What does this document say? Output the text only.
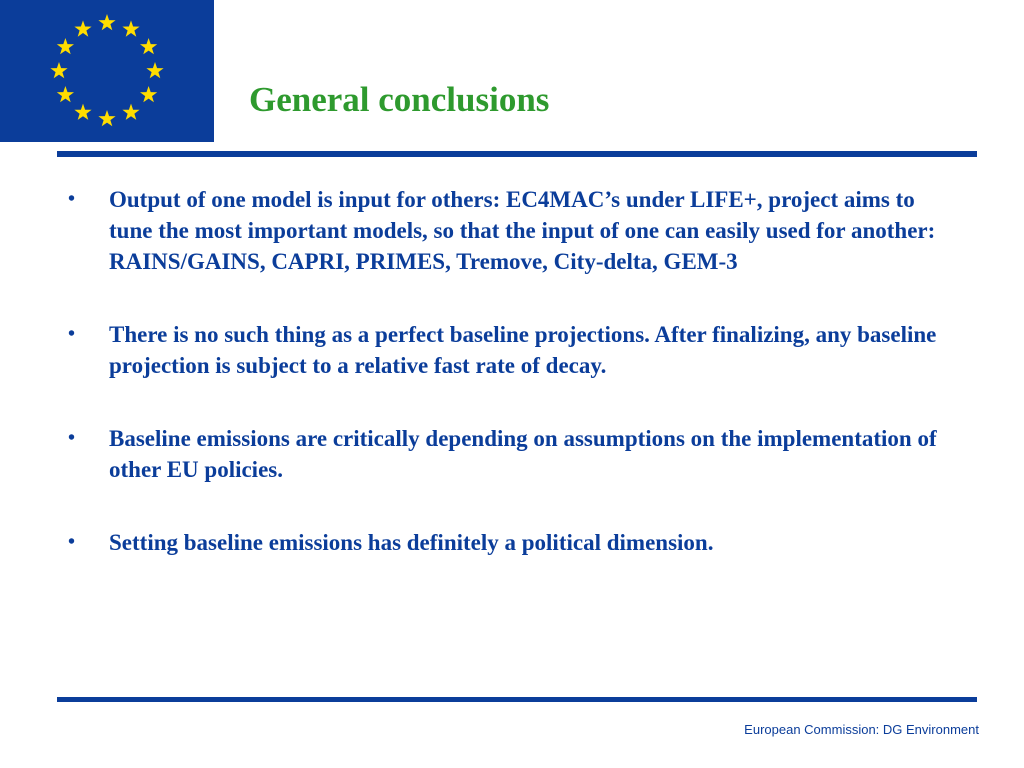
General conclusions
• Output of one model is input for others: EC4MAC’s under LIFE+, project aims to tune the most important models, so that the input of one can easily used for another: RAINS/GAINS, CAPRI, PRIMES, Tremove, City-delta, GEM-3
• There is no such thing as a perfect baseline projections. After finalizing, any baseline projection is subject to a relative fast rate of decay.
• Baseline emissions are critically depending on assumptions on the implementation of other EU policies.
• Setting baseline emissions has definitely a political dimension.
European Commission: DG Environment
